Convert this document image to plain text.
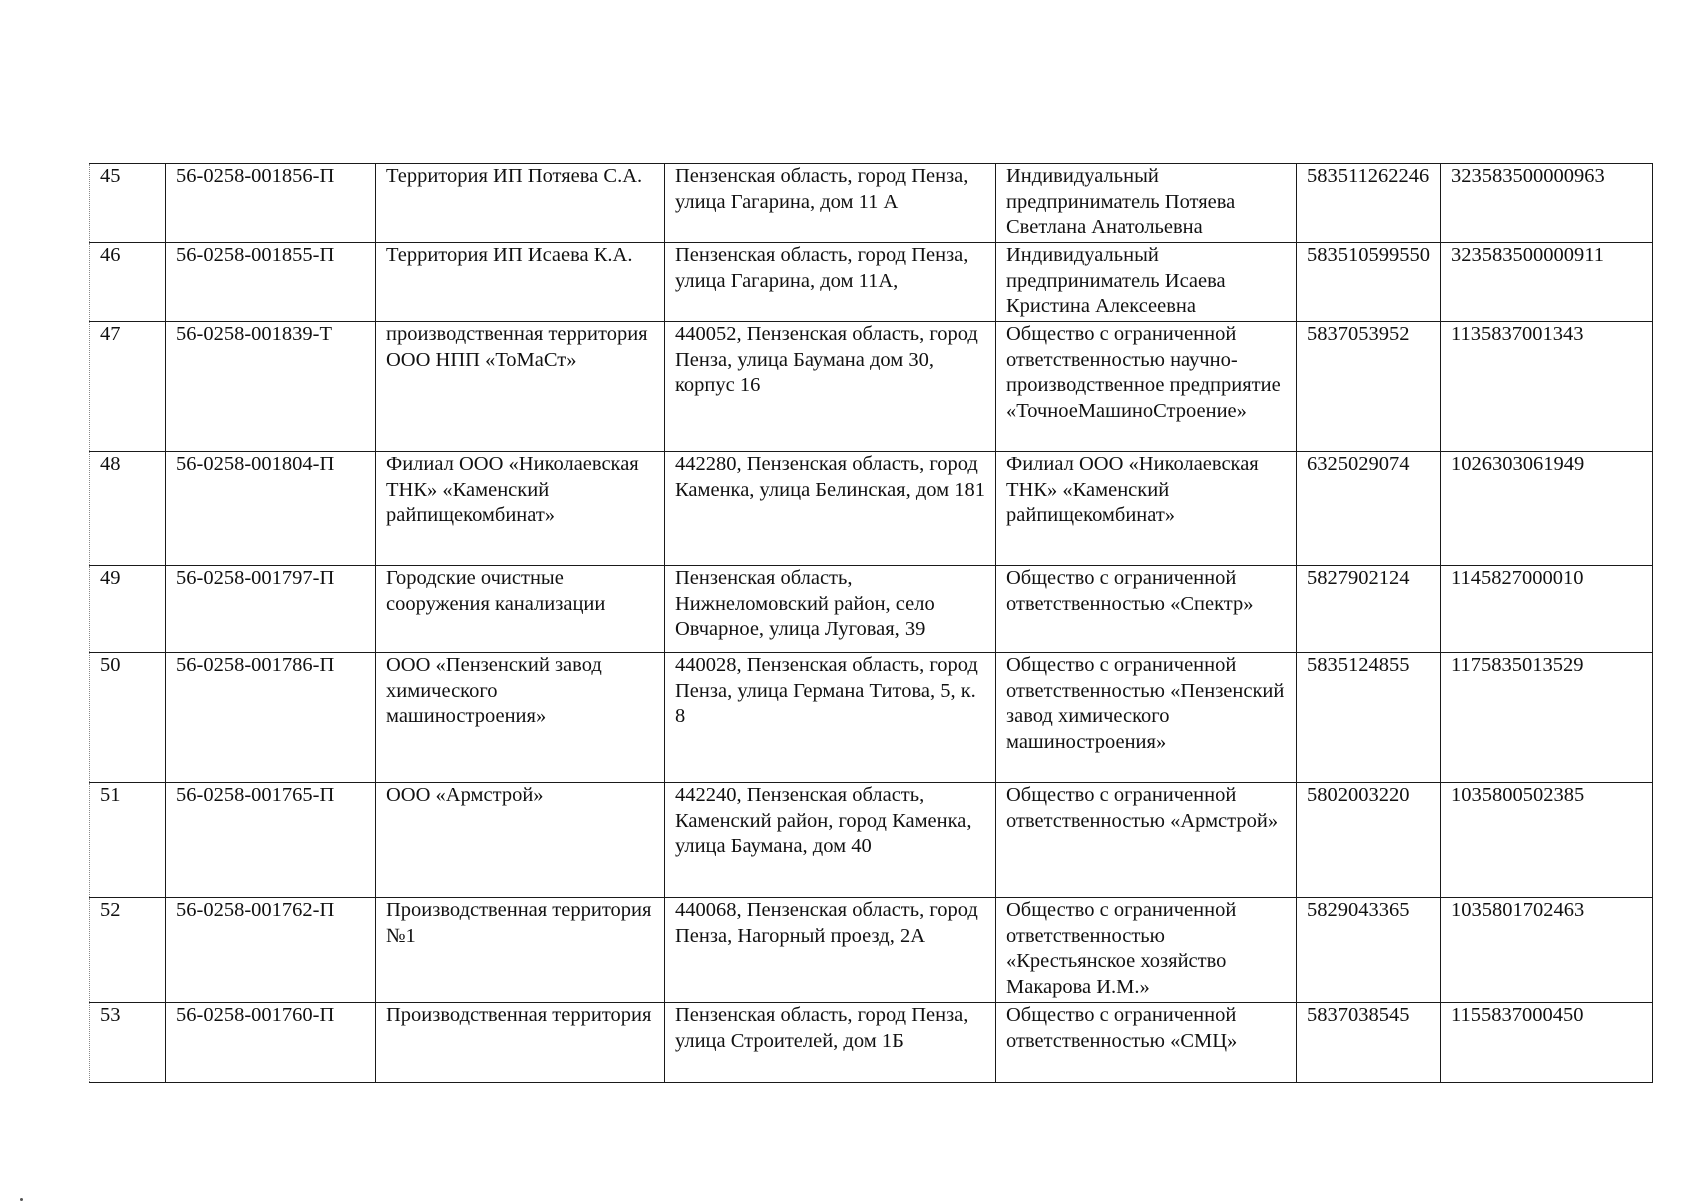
45	56-0258-001856-П	Территория ИП Потяева С.А.	Пензенская область, город Пенза, улица Гагарина, дом 11 А	Индивидуальный предприниматель Потяева Светлана Анатольевна	583511262246	323583500000963
46	56-0258-001855-П	Территория ИП Исаева К.А.	Пензенская область, город Пенза, улица Гагарина, дом 11А,	Индивидуальный предприниматель Исаева Кристина Алексеевна	583510599550	323583500000911
47	56-0258-001839-Т	производственная территория ООО НПП «ТоМаСт»	440052, Пензенская область, город Пенза, улица Баумана дом 30, корпус 16	Общество с ограниченной ответственностью научно-производственное предприятие «ТочноеМашиноСтроение»	5837053952	1135837001343
48	56-0258-001804-П	Филиал ООО «Николаевская ТНК» «Каменский райпищекомбинат»	442280, Пензенская область, город Каменка, улица Белинская, дом 181	Филиал ООО «Николаевская ТНК» «Каменский райпищекомбинат»	6325029074	1026303061949
49	56-0258-001797-П	Городские очистные сооружения канализации	Пензенская область, Нижнеломовский район, село Овчарное, улица Луговая, 39	Общество с ограниченной ответственностью «Спектр»	5827902124	1145827000010
50	56-0258-001786-П	ООО «Пензенский завод химического машиностроения»	440028, Пензенская область, город Пенза, улица Германа Титова, 5, к. 8	Общество с ограниченной ответственностью «Пензенский завод химического машиностроения»	5835124855	1175835013529
51	56-0258-001765-П	ООО «Армстрой»	442240, Пензенская область, Каменский район, город Каменка, улица Баумана, дом 40	Общество с ограниченной ответственностью «Армстрой»	5802003220	1035800502385
52	56-0258-001762-П	Производственная территория №1	440068, Пензенская область, город Пенза, Нагорный проезд, 2А	Общество с ограниченной ответственностью «Крестьянское хозяйство Макарова И.М.»	5829043365	1035801702463
53	56-0258-001760-П	Производственная территория	Пензенская область, город Пенза, улица Строителей, дом 1Б	Общество с ограниченной ответственностью «СМЦ»	5837038545	1155837000450
